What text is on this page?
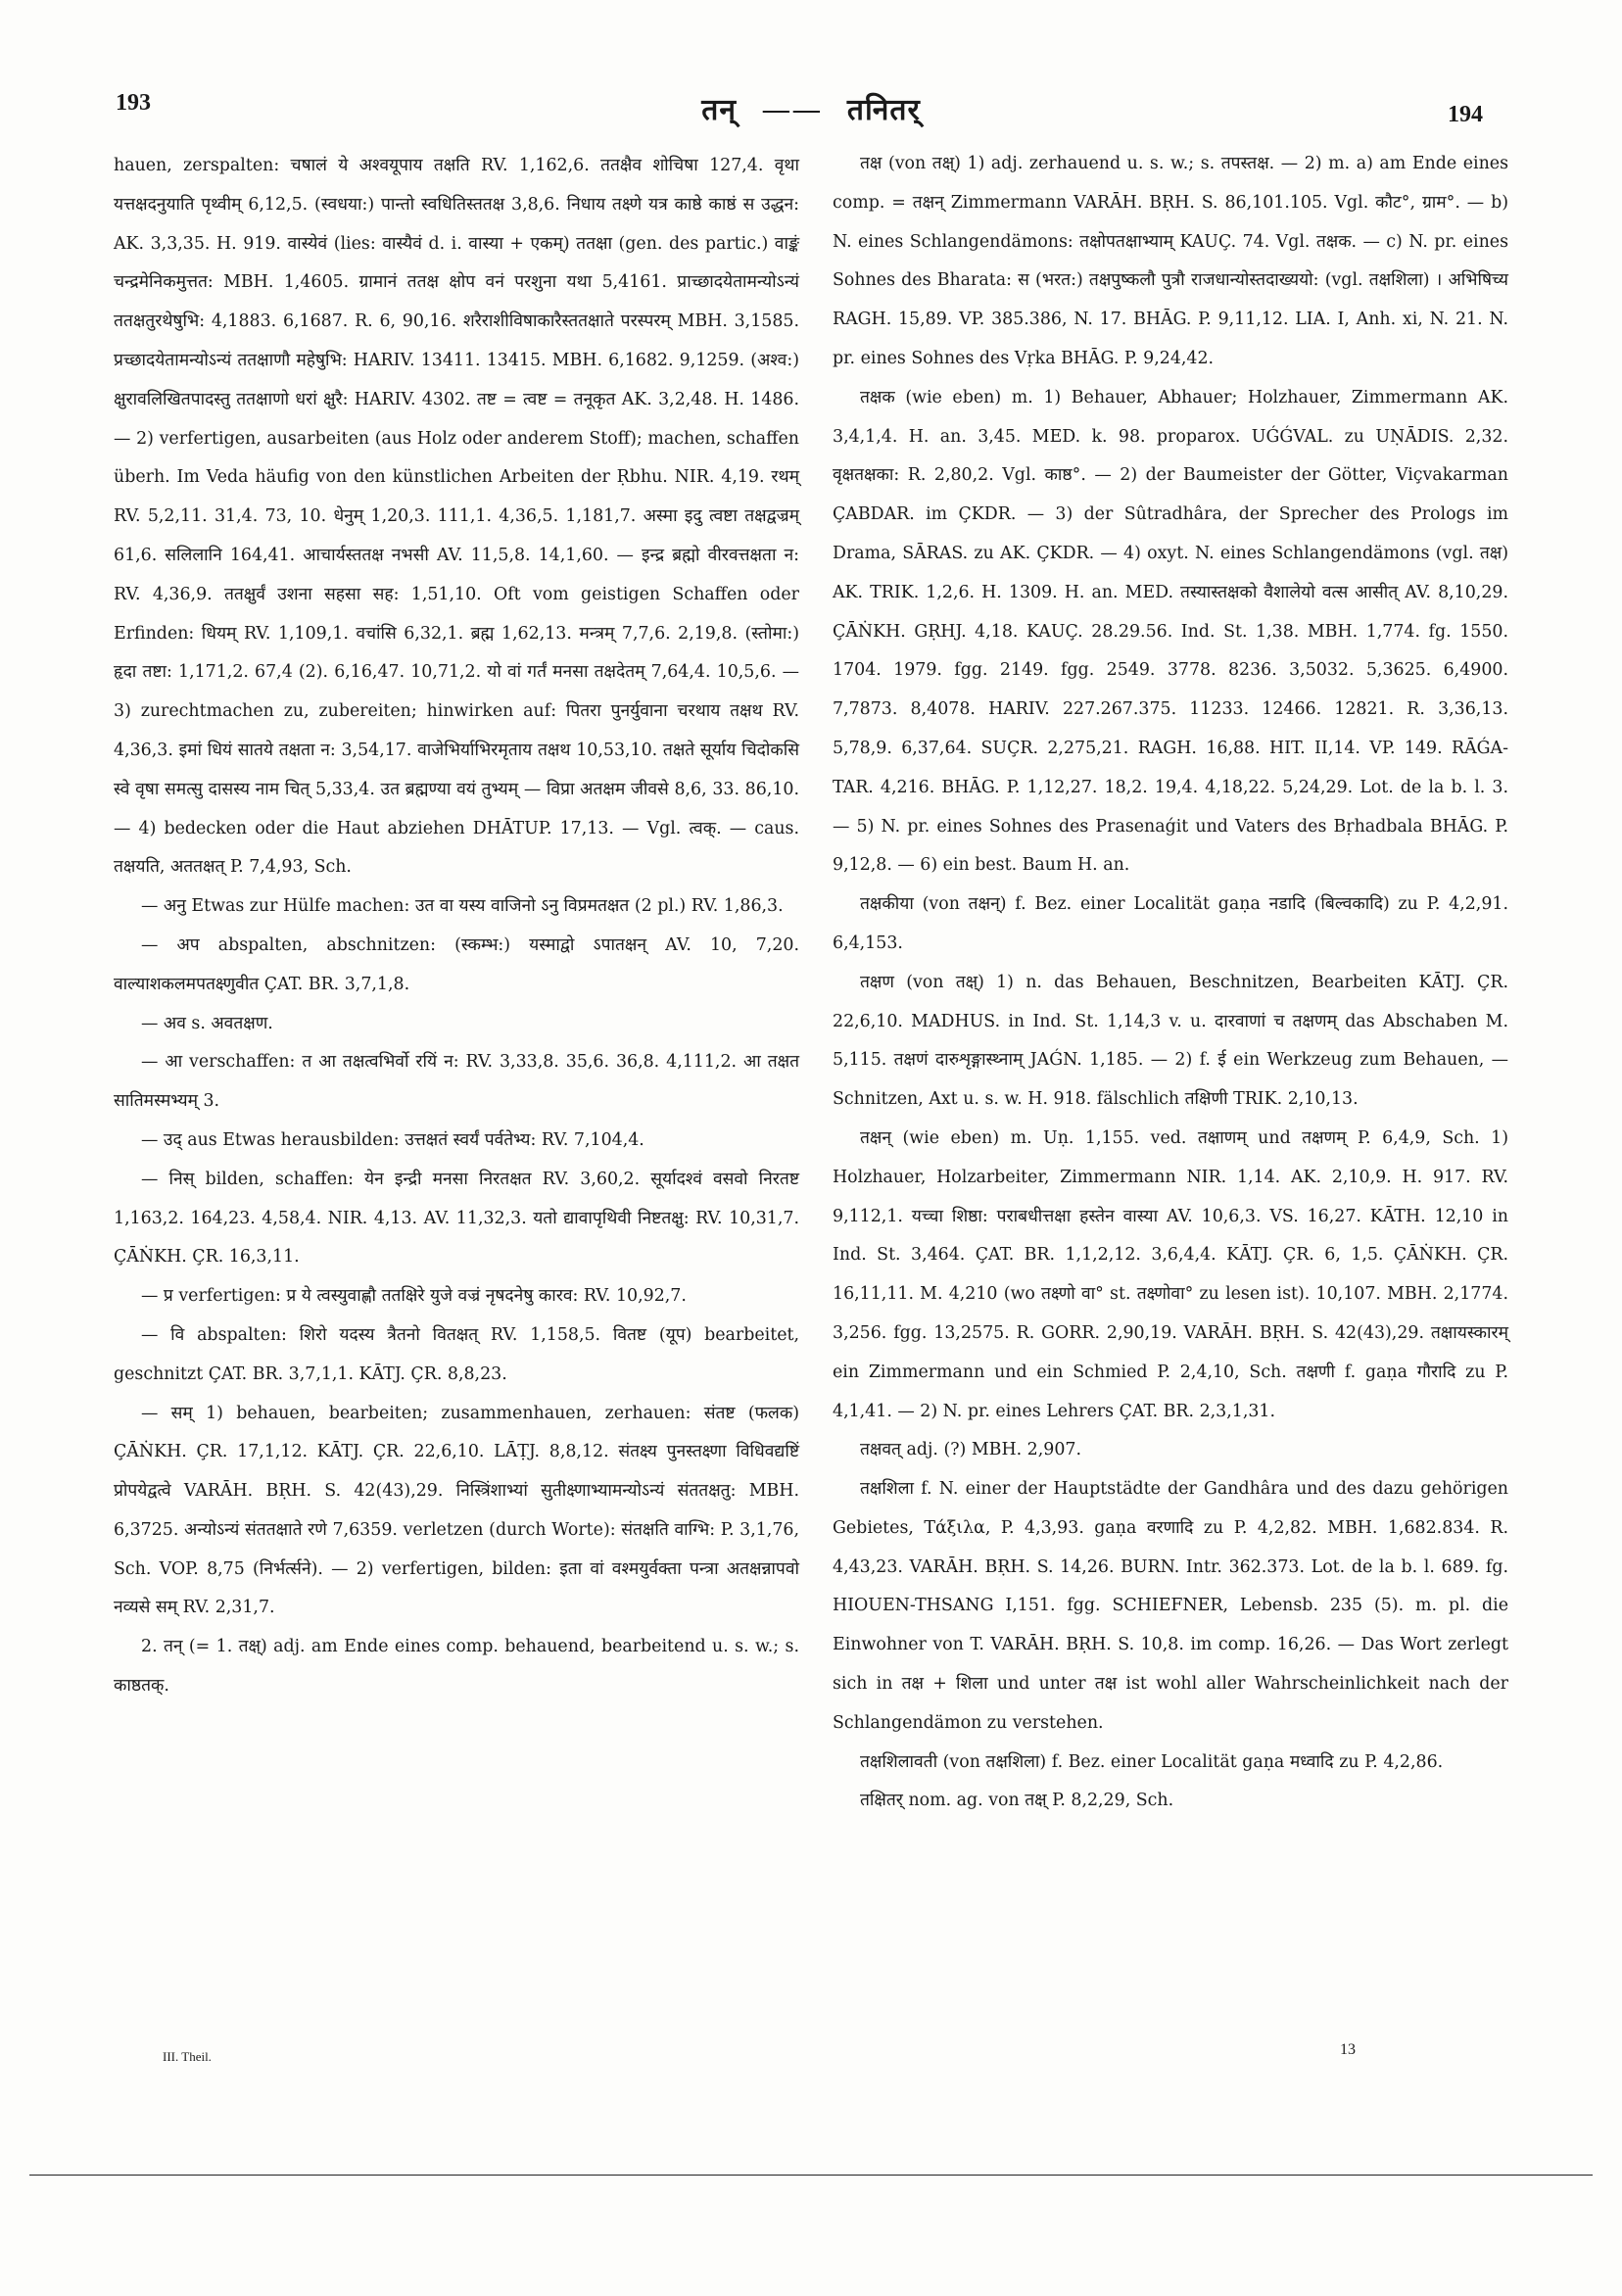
193	तन् —— तनितर्	194

hauen, zerspalten: चषालं ये अश्वयूपाय तक्षति RV. 1,162,6. ततक्षैव शोचिषा 127,4. वृथा यत्तक्षदनुयाति पृथ्वीम् 6,12,5. (स्वधया:) पान्तो स्वधितिस्ततक्ष 3,8,6. निधाय तक्ष्णे यत्र काष्ठे काष्ठं स उद्धन: AK. 3,3,35. H. 919. वास्येवं (lies: वास्यैवं d. i. वास्या + एकम्) ततक्षा (gen. des partic.) वाङ्कं चन्द्रमेनिकमुत्तत: MBH. 1,4605. ग्रामानं ततक्ष क्षोप वनं परशुना यथा 5,4161. प्राच्छादयेतामन्योऽन्यं ततक्षतुरथेषुभि: 4,1883. 6,1687. R. 6, 90,16. शरैराशीविषाकारैस्ततक्षाते परस्परम् MBH. 3,1585. प्रच्छादयेतामन्योऽन्यं ततक्षाणौ महेषुभि: HARIV. 13411. 13415. MBH. 6,1682. 9,1259. (अश्व:) क्षुरावलिखितपादस्तु ततक्षाणो धरां क्षुरै: HARIV. 4302. तष्ट = त्वष्ट = तनूकृत AK. 3,2,48. H. 1486. — 2) verfertigen, ausarbeiten (aus Holz oder anderem Stoff); machen, schaffen überh. Im Veda häufig von den künstlichen Arbeiten der Ṛbhu. NIR. 4,19. रथम् RV. 5,2,11. 31,4. 73, 10. धेनुम् 1,20,3. 111,1. 4,36,5. 1,181,7. अस्मा इदु त्वष्टा तक्षद्वज्रम् 61,6. सलिलानि 164,41. आचार्यस्ततक्ष नभसी AV. 11,5,8. 14,1,60. — इन्द्र ब्रह्मो वीरवत्तक्षता न: RV. 4,36,9. ततक्षुर्वं उशना सहसा सह: 1,51,10. Oft vom geistigen Schaffen oder Erfinden: धियम् RV. 1,109,1. वचांसि 6,32,1. ब्रह्म 1,62,13. मन्त्रम् 7,7,6. 2,19,8. (स्तोमा:) हृदा तष्टा: 1,171,2. 67,4 (2). 6,16,47. 10,71,2. यो वां गर्तं मनसा तक्षदेतम् 7,64,4. 10,5,6. — 3) zurechtmachen zu, zubereiten; hinwirken auf: पितरा पुनर्युवाना चरथाय तक्षथ RV. 4,36,3. इमां धियं सातये तक्षता न: 3,54,17. वाजेभिर्याभिरमृताय तक्षथ 10,53,10. तक्षते सूर्याय चिदोकसि स्वे वृषा समत्सु दासस्य नाम चित् 5,33,4. उत ब्रह्मण्या वयं तुभ्यम् — विप्रा अतक्षम जीवसे 8,6, 33. 86,10. — 4) bedecken oder die Haut abziehen DHĀTUP. 17,13. — Vgl. त्वक्. — caus. तक्षयति, अततक्षत् P. 7,4,93, Sch.

— अनु Etwas zur Hülfe machen: उत वा यस्य वाजिनो ऽनु विप्रमतक्षत (2 pl.) RV. 1,86,3.

— अप abspalten, abschnitzen: (स्कम्भ:) यस्माद्वो ऽपातक्षन् AV. 10, 7,20. वाल्याशकलमपतक्ष्णुवीत ÇAT. BR. 3,7,1,8.

— अव s. अवतक्षण.

— आ verschaffen: त आ तक्षत्वभिर्वो रयिं न: RV. 3,33,8. 35,6. 36,8. 4,111,2. आ तक्षत सातिमस्मभ्यम् 3.

— उद् aus Etwas herausbilden: उत्तक्षतं स्वर्यं पर्वतेभ्य: RV. 7,104,4.

— निस् bilden, schaffen: येन इन्द्री मनसा निरतक्षत RV. 3,60,2. सूर्यादश्वं वसवो निरतष्ट 1,163,2. 164,23. 4,58,4. NIR. 4,13. AV. 11,32,3. यतो द्यावापृथिवी निष्टतक्षु: RV. 10,31,7. ÇĀṄKH. ÇR. 16,3,11.

— प्र verfertigen: प्र ये त्वस्युवाह्णौ ततक्षिरे युजे वज्रं नृषदनेषु कारव: RV. 10,92,7.

— वि abspalten: शिरो यदस्य त्रैतनो वितक्षत् RV. 1,158,5. वितष्ट (यूप) bearbeitet, geschnitzt ÇAT. BR. 3,7,1,1. KĀTJ. ÇR. 8,8,23.

— सम् 1) behauen, bearbeiten; zusammenhauen, zerhauen: संतष्ट (फलक) ÇĀṄKH. ÇR. 17,1,12. KĀTJ. ÇR. 22,6,10. LĀṬJ. 8,8,12. संतक्ष्य पुनस्तक्ष्णा विधिवद्यष्टिं प्रोपयेद्वत्वे VARĀH. BṚH. S. 42(43),29. निस्त्रिंशाभ्यां सुतीक्ष्णाभ्यामन्योऽन्यं संततक्षतु: MBH. 6,3725. अन्योऽन्यं संततक्षाते रणे 7,6359. verletzen (durch Worte): संतक्षति वाग्भि: P. 3,1,76, Sch. VOP. 8,75 (निर्भर्त्सने). — 2) verfertigen, bilden: इता वां वश्मयुर्वक्ता पन्त्रा अतक्षन्नापवो नव्यसे सम् RV. 2,31,7.

2. तन् (= 1. तक्ष्) adj. am Ende eines comp. behauend, bearbeitend u. s. w.; s. काष्ठतक्.

तक्ष (von तक्ष्) 1) adj. zerhauend u. s. w.; s. तपस्तक्ष. — 2) m. a) am Ende eines comp. = तक्षन् Zimmermann VARĀH. BṚH. S. 86,101.105. Vgl. कौट°, ग्राम°. — b) N. eines Schlangendämons: तक्षोपतक्षाभ्याम् KAUÇ. 74. Vgl. तक्षक. — c) N. pr. eines Sohnes des Bharata: स (भरत:) तक्षपुष्कलौ पुत्रौ राजधान्योस्तदाख्ययो: (vgl. तक्षशिला) । अभिषिच्य RAGH. 15,89. VP. 385.386, N. 17. BHĀG. P. 9,11,12. LIA. I, Anh. xi, N. 21. N. pr. eines Sohnes des Vṛka BHĀG. P. 9,24,42.

तक्षक (wie eben) m. 1) Behauer, Abhauer; Holzhauer, Zimmermann AK. 3,4,1,4. H. an. 3,45. MED. k. 98. proparox. UǴǴVAL. zu UṆĀDIS. 2,32. वृक्षतक्षका: R. 2,80,2. Vgl. काष्ठ°. — 2) der Baumeister der Götter, Viçvakarman ÇABDAR. im ÇKDR. — 3) der Sûtradhâra, der Sprecher des Prologs im Drama, SĀRAS. zu AK. ÇKDR. — 4) oxyt. N. eines Schlangendämons (vgl. तक्ष) AK. TRIK. 1,2,6. H. 1309. H. an. MED. तस्यास्तक्षको वैशालेयो वत्स आसीत् AV. 8,10,29. ÇĀṄKH. GṚHJ. 4,18. KAUÇ. 28.29.56. Ind. St. 1,38. MBH. 1,774. fg. 1550. 1704. 1979. fgg. 2149. fgg. 2549. 3778. 8236. 3,5032. 5,3625. 6,4900. 7,7873. 8,4078. HARIV. 227.267.375. 11233. 12466. 12821. R. 3,36,13. 5,78,9. 6,37,64. SUÇR. 2,275,21. RAGH. 16,88. HIT. II,14. VP. 149. RĀǴA-TAR. 4,216. BHĀG. P. 1,12,27. 18,2. 19,4. 4,18,22. 5,24,29. Lot. de la b. l. 3. — 5) N. pr. eines Sohnes des Prasenaǵit und Vaters des Bṛhadbala BHĀG. P. 9,12,8. — 6) ein best. Baum H. an.

तक्षकीया (von तक्षन्) f. Bez. einer Localität gaṇa नडादि (बिल्वकादि) zu P. 4,2,91. 6,4,153.

तक्षण (von तक्ष्) 1) n. das Behauen, Beschnitzen, Bearbeiten KĀTJ. ÇR. 22,6,10. MADHUS. in Ind. St. 1,14,3 v. u. दारवाणां च तक्षणम् das Abschaben M. 5,115. तक्षणं दारुशृङ्गास्थ्नाम् JAǴN. 1,185. — 2) f. ई ein Werkzeug zum Behauen, — Schnitzen, Axt u. s. w. H. 918. fälschlich तक्षिणी TRIK. 2,10,13.

तक्षन् (wie eben) m. Uṇ. 1,155. ved. तक्षाणम् und तक्षणम् P. 6,4,9, Sch. 1) Holzhauer, Holzarbeiter, Zimmermann NIR. 1,14. AK. 2,10,9. H. 917. RV. 9,112,1. यच्चा शिष्ठा: पराबधीत्तक्षा हस्तेन वास्या AV. 10,6,3. VS. 16,27. KĀTH. 12,10 in Ind. St. 3,464. ÇAT. BR. 1,1,2,12. 3,6,4,4. KĀTJ. ÇR. 6, 1,5. ÇĀṄKH. ÇR. 16,11,11. M. 4,210 (wo तक्ष्णो वा° st. तक्ष्णोवा° zu lesen ist). 10,107. MBH. 2,1774. 3,256. fgg. 13,2575. R. GORR. 2,90,19. VARĀH. BṚH. S. 42(43),29. तक्षायस्कारम् ein Zimmermann und ein Schmied P. 2,4,10, Sch. तक्षणी f. gaṇa गौरादि zu P. 4,1,41. — 2) N. pr. eines Lehrers ÇAT. BR. 2,3,1,31.

तक्षवत् adj. (?) MBH. 2,907.

तक्षशिला f. N. einer der Hauptstädte der Gandhâra und des dazu gehörigen Gebietes, Τάξιλα, P. 4,3,93. gaṇa वरणादि zu P. 4,2,82. MBH. 1,682.834. R. 4,43,23. VARĀH. BṚH. S. 14,26. BURN. Intr. 362.373. Lot. de la b. l. 689. fg. HIOUEN-THSANG I,151. fgg. SCHIEFNER, Lebensb. 235 (5). m. pl. die Einwohner von T. VARĀH. BṚH. S. 10,8. im comp. 16,26. — Das Wort zerlegt sich in तक्ष + शिला und unter तक्ष ist wohl aller Wahrscheinlichkeit nach der Schlangendämon zu verstehen.

तक्षशिलावती (von तक्षशिला) f. Bez. einer Localität gaṇa मध्वादि zu P. 4,2,86.

तक्षितर् nom. ag. von तक्ष् P. 8,2,29, Sch.

III. Theil.	13
